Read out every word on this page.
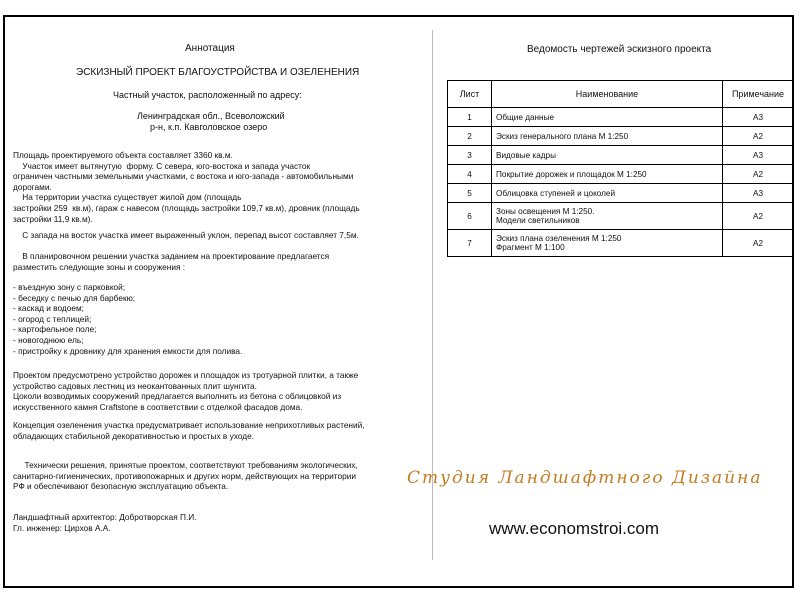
Аннотация
ЭСКИЗНЫЙ ПРОЕКТ БЛАГОУСТРОЙСТВА И ОЗЕЛЕНЕНИЯ
Частный участок, расположенный по адресу:
Ленинградская обл., Всеволожский
р-н, к.п. Кавголовское озеро
Площадь проектируемого объекта составляет 3360 кв.м.
Участок имеет вытянутую  форму. С севера, юго-востока и запада участок
ограничен частными земельными участками, с востока и юго-запада - автомобильными
дорогами.
На территории участка существует жилой дом (площадь
застройки 259  кв.м), гараж с навесом (площадь застройки 109,7 кв.м), дровник (площадь
застройки 11,9 кв.м).
С запада на восток участка имеет выраженный уклон, перепад высот составляет 7,5м.
В планировочном решении участка заданием на проектирование предлагается
разместить следующие зоны и сооружения :
- въездную зону с парковкой;
- беседку с печью для барбекю;
- каскад и водоем;
- огород с теплицей;
- картофельное поле;
- новогоднюю ель;
- пристройку к дровнику для хранения емкости для полива.
Проектом предусмотрено устройство дорожек и площадок из тротуарной плитки, а также
устройство садовых лестниц из неокантованных плит шунгита.
Цоколи возводимых сооружений предлагается выполнить из бетона с облицовкой из
искусственного камня Craftstone в соответствии с отделкой фасадов дома.
Концепция озеленения участка предусматривает использование неприхотливых растений,
обладающих стабильной декоративностью и простых в уходе.
Технически решения, принятые проектом, соответствуют требованиям экологических,
санитарно-гигиенических, противопожарных и других норм, действующих на территории
РФ и обеспечивают безопасную эксплуатацию объекта.
Ландшафтный архитектор: Добротворская П.И.
Гл. инженер: Цирхов А.А.
Ведомость чертежей эскизного проекта
Лист	Наименование	Примечание
1	Общие данные	А3
2	Эскиз генерального плана М 1:250	А2
3	Видовые кадры	А3
4	Покрытие дорожек и площадок М 1:250	А2
5	Облицовка ступеней и цоколей	А3
6	Зоны освещения М 1:250.
Модели светильников	А2
7	Эскиз плана озеленения М 1:250
Фрагмент М 1:100	А2
Студия Ландшафтного Дизайна
www.economstroi.com
